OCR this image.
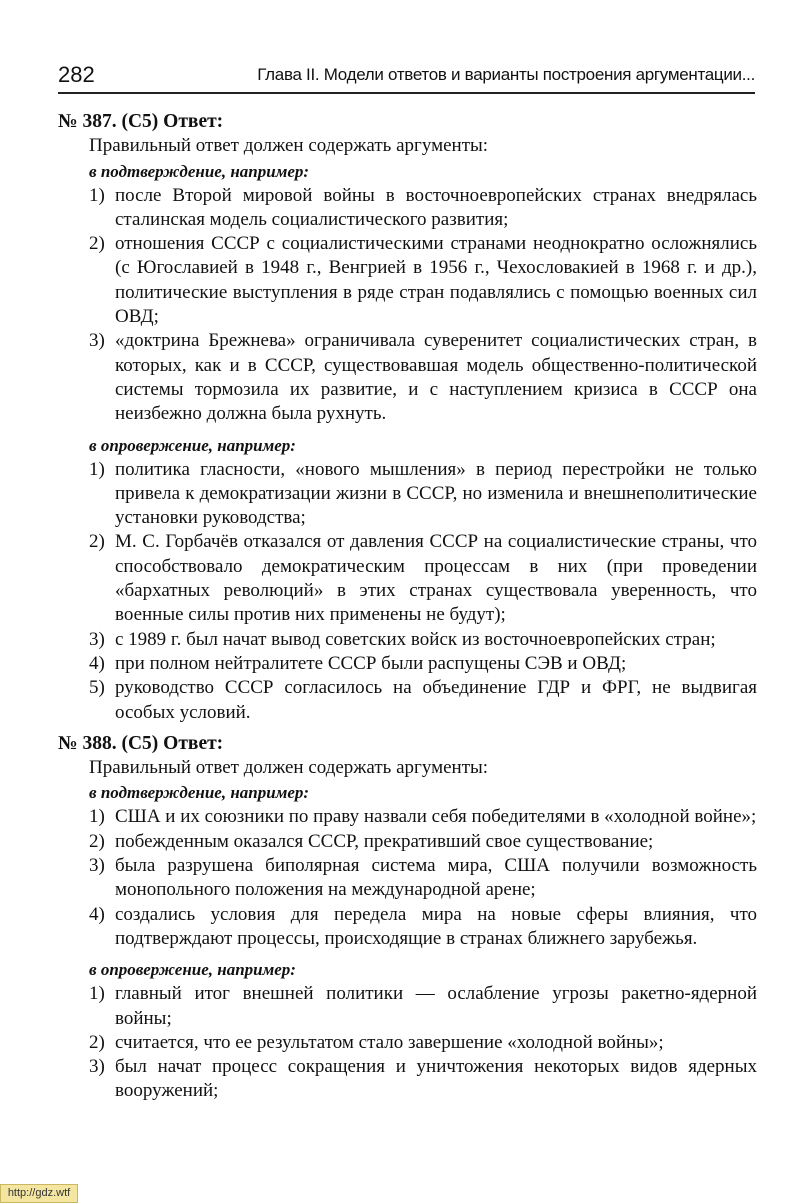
282	Глава II. Модели ответов и варианты построения аргументации...

№ 387. (С5) Ответ:

Правильный ответ должен содержать аргументы:

в подтверждение, например:

1) после Второй мировой войны в восточноевропейских странах внедрялась сталинская модель социалистического развития;
2) отношения СССР с социалистическими странами неоднократно осложнялись (с Югославией в 1948 г., Венгрией в 1956 г., Чехословакией в 1968 г. и др.), политические выступления в ряде стран подавлялись с помощью военных сил ОВД;
3) «доктрина Брежнева» ограничивала суверенитет социалистических стран, в которых, как и в СССР, существовавшая модель общественно-политической системы тормозила их развитие, и с наступлением кризиса в СССР она неизбежно должна была рухнуть.

в опровержение, например:

1) политика гласности, «нового мышления» в период перестройки не только привела к демократизации жизни в СССР, но изменила и внешнеполитические установки руководства;
2) М. С. Горбачёв отказался от давления СССР на социалистические страны, что способствовало демократическим процессам в них (при проведении «бархатных революций» в этих странах существовала уверенность, что военные силы против них применены не будут);
3) с 1989 г. был начат вывод советских войск из восточноевропейских стран;
4) при полном нейтралитете СССР были распущены СЭВ и ОВД;
5) руководство СССР согласилось на объединение ГДР и ФРГ, не выдвигая особых условий.

№ 388. (С5) Ответ:

Правильный ответ должен содержать аргументы:

в подтверждение, например:

1) США и их союзники по праву назвали себя победителями в «холодной войне»;
2) побежденным оказался СССР, прекративший свое существование;
3) была разрушена биполярная система мира, США получили возможность монопольного положения на международной арене;
4) создались условия для передела мира на новые сферы влияния, что подтверждают процессы, происходящие в странах ближнего зарубежья.

в опровержение, например:

1) главный итог внешней политики — ослабление угрозы ракетно-ядерной войны;
2) считается, что ее результатом стало завершение «холодной войны»;
3) был начат процесс сокращения и уничтожения некоторых видов ядерных вооружений;
http://gdz.wtf
